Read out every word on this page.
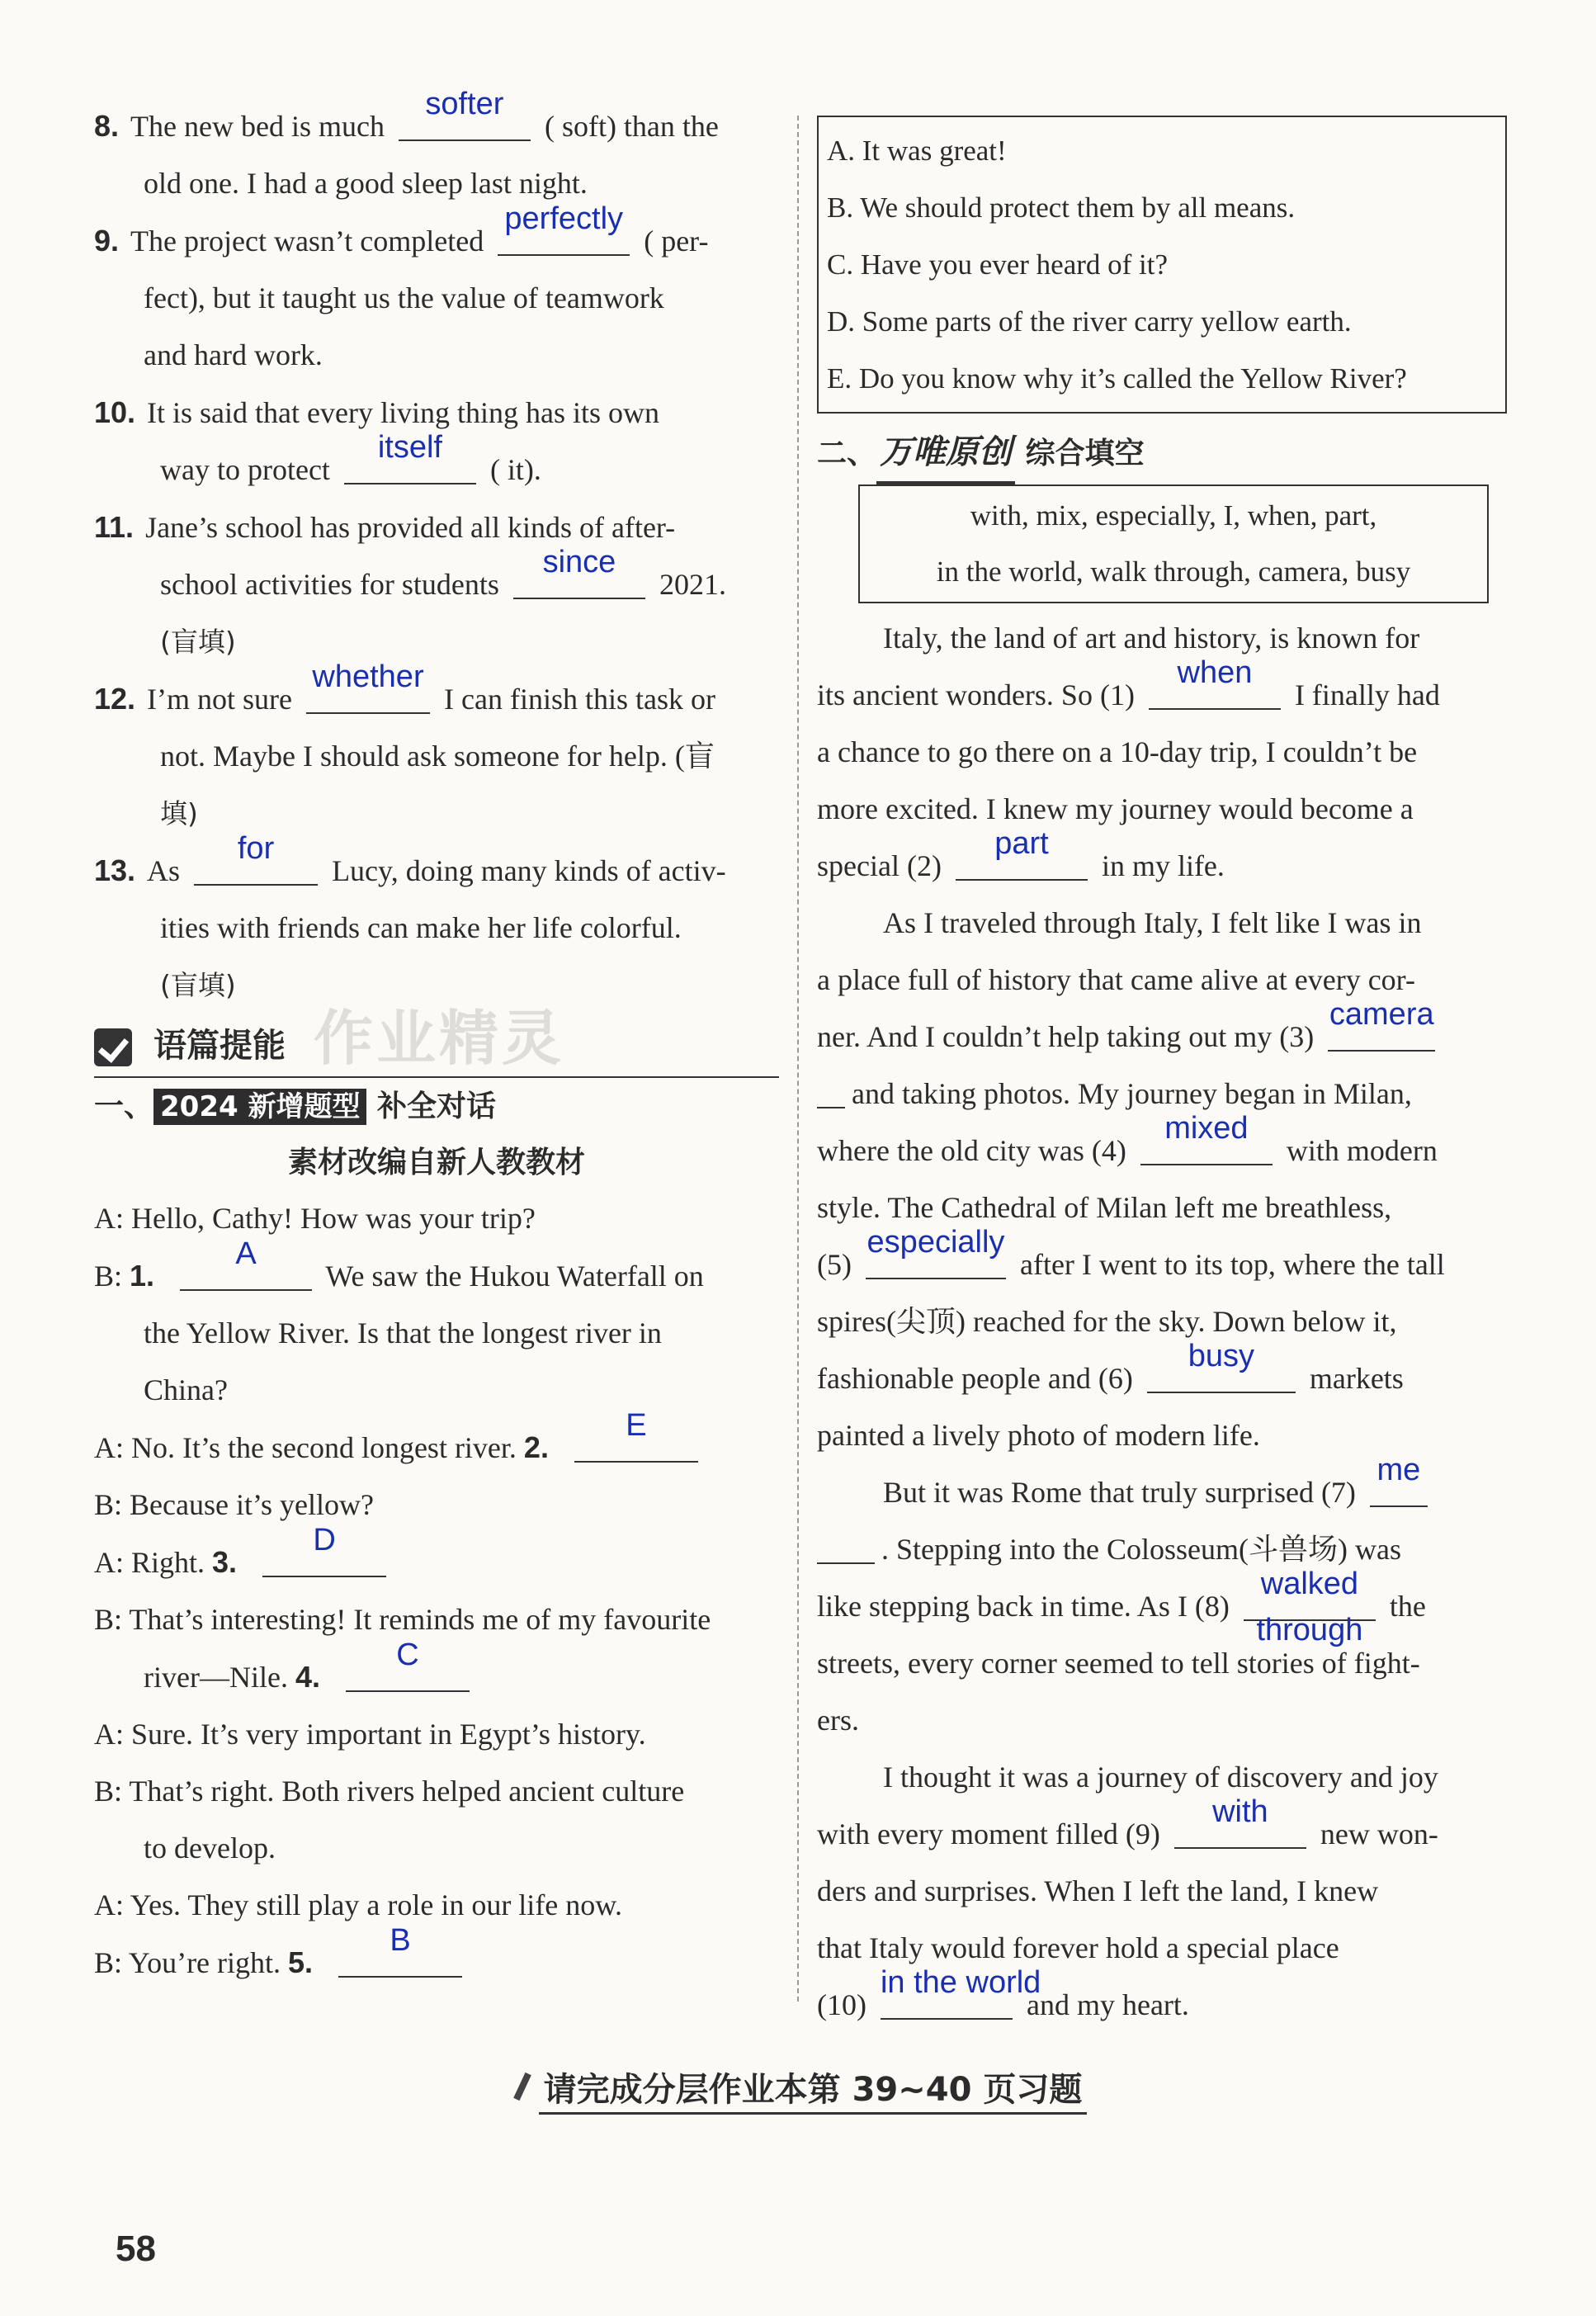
8. The new bed is much
softer
( soft) than the
old one. I had a good sleep last night.
9. The project wasn’t completed
perfectly
( per-
fect), but it taught us the value of teamwork
and hard work.
10. It is said that every living thing has its own
way to protect
itself
( it).
11. Jane’s school has provided all kinds of after-
school activities for students
since
2021.
(盲填)
12. I’m not sure
whether
I can finish this task or
not. Maybe I should ask someone for help. (盲
填)
13. As
for
Lucy, doing many kinds of activ-
ities with friends can make her life colorful.
(盲填)
语篇提能
一、 2024 新增题型 补全对话
素材改编自新人教教材
A: Hello, Cathy! How was your trip?
B: 1.
A
We saw the Hukou Waterfall on
the Yellow River. Is that the longest river in
China?
A: No. It’s the second longest river. 2.
E
B: Because it’s yellow?
A: Right. 3.
D
B: That’s interesting! It reminds me of my favourite
river—Nile. 4.
C
A: Sure. It’s very important in Egypt’s history.
B: That’s right. Both rivers helped ancient culture
to develop.
A: Yes. They still play a role in our life now.
B: You’re right. 5.
B
A. It was great!
B. We should protect them by all means.
C. Have you ever heard of it?
D. Some parts of the river carry yellow earth.
E. Do you know why it’s called the Yellow River?
二、 万唯原创 综合填空
with, mix, especially, I, when, part,
in the world, walk through, camera, busy
Italy, the land of art and history, is known for
its ancient wonders. So (1)
when
I finally had
a chance to go there on a 10-day trip, I couldn’t be
more excited. I knew my journey would become a
special (2)
part
in my life.
As I traveled through Italy, I felt like I was in
a place full of history that came alive at every cor-
ner. And I couldn’t help taking out my (3)
camera
and taking photos. My journey began in Milan,
where the old city was (4)
mixed
with modern
style. The Cathedral of Milan left me breathless,
(5)
especially
after I went to its top, where the tall
spires(尖顶) reached for the sky. Down below it,
fashionable people and (6)
busy
markets
painted a lively photo of modern life.
But it was Rome that truly surprised (7)
me
. Stepping into the Colosseum(斗兽场) was
like stepping back in time. As I (8)
walked
through
the
streets, every corner seemed to tell stories of fight-
ers.
I thought it was a journey of discovery and joy
with every moment filled (9)
with
new won-
ders and surprises. When I left the land, I knew
that Italy would forever hold a special place
(10)
in the world
and my heart.
作业精灵
请完成分层作业本第 39~40 页习题
58
